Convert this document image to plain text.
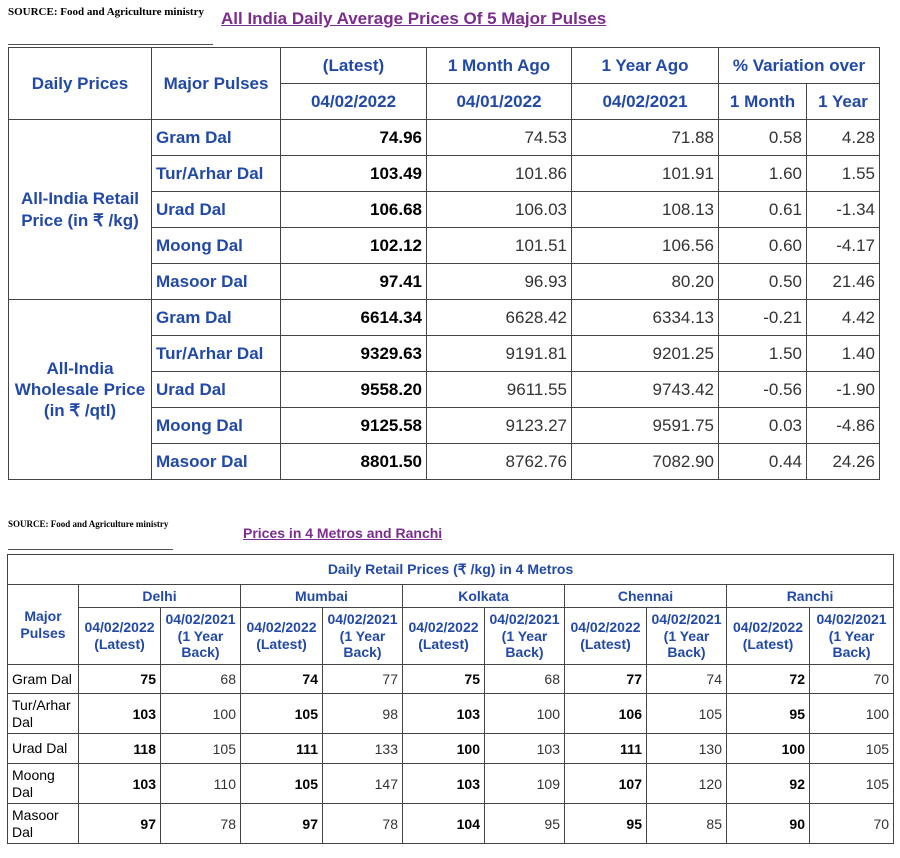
SOURCE: Food and Agriculture ministry	All India Daily Average Prices Of 5 Major Pulses
Daily Prices	Major Pulses	(Latest)	1 Month Ago	1 Year Ago	% Variation over	
		04/02/2022	04/01/2022	04/02/2021	1 Month	1 Year
All-India Retail Price (in ₹ /kg)	Gram Dal	74.96	74.53	71.88	0.58	4.28
	Tur/Arhar Dal	103.49	101.86	101.91	1.60	1.55
	Urad Dal	106.68	106.03	108.13	0.61	-1.34
	Moong Dal	102.12	101.51	106.56	0.60	-4.17
	Masoor Dal	97.41	96.93	80.20	0.50	21.46
All-India Wholesale Price (in ₹ /qtl)	Gram Dal	6614.34	6628.42	6334.13	-0.21	4.42
	Tur/Arhar Dal	9329.63	9191.81	9201.25	1.50	1.40
	Urad Dal	9558.20	9611.55	9743.42	-0.56	-1.90
	Moong Dal	9125.58	9123.27	9591.75	0.03	-4.86
	Masoor Dal	8801.50	8762.76	7082.90	0.44	24.26
SOURCE: Food and Agriculture ministry
Prices in 4 Metros and Ranchi
Daily Retail Prices (₹ /kg) in 4 Metros										
Major Pulses	Delhi		Mumbai		Kolkata		Chennai		Ranchi	
	04/02/2022 (Latest)	04/02/2021 (1 Year Back)	04/02/2022 (Latest)	04/02/2021 (1 Year Back)	04/02/2022 (Latest)	04/02/2021 (1 Year Back)	04/02/2022 (Latest)	04/02/2021 (1 Year Back)	04/02/2022 (Latest)	04/02/2021 (1 Year Back)
Gram Dal	75	68	74	77	75	68	77	74	72	70
Tur/Arhar Dal	103	100	105	98	103	100	106	105	95	100
Urad Dal	118	105	111	133	100	103	111	130	100	105
Moong Dal	103	110	105	147	103	109	107	120	92	105
Masoor Dal	97	78	97	78	104	95	95	85	90	70
